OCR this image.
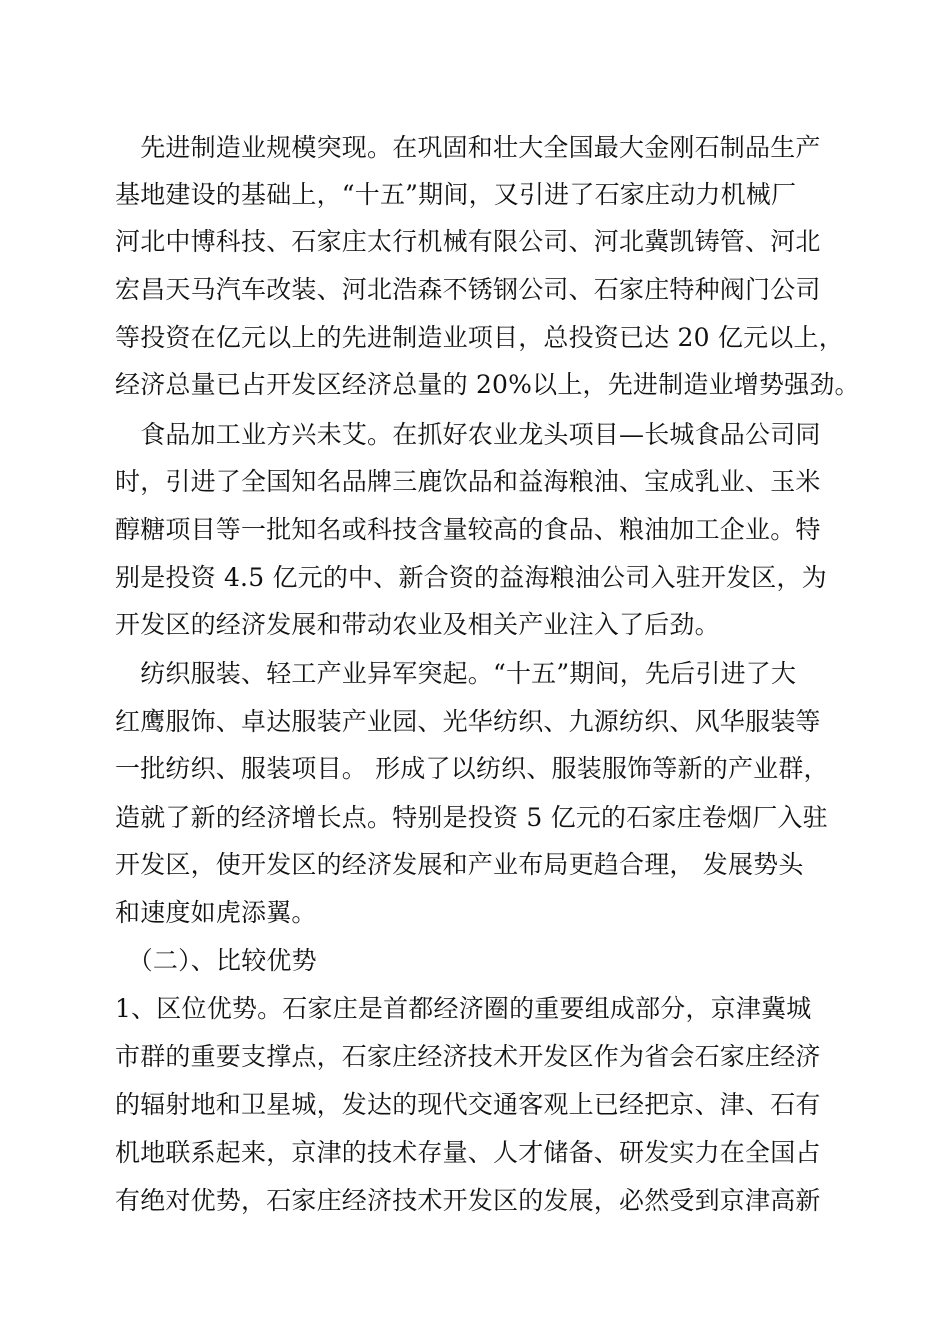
　先进制造业规模突现。在巩固和壮大全国最大金刚石制品生产
基地建设的基础上，“十五”期间，又引进了石家庄动力机械厂
河北中博科技、石家庄太行机械有限公司、河北冀凯铸管、河北
宏昌天马汽车改装、河北浩森不锈钢公司、石家庄特种阀门公司
等投资在亿元以上的先进制造业项目，总投资已达 20 亿元以上，
经济总量已占开发区经济总量的 20%以上，先进制造业增势强劲。
　食品加工业方兴未艾。在抓好农业龙头项目—长城食品公司同
时，引进了全国知名品牌三鹿饮品和益海粮油、宝成乳业、玉米
醇糖项目等一批知名或科技含量较高的食品、粮油加工企业。特
别是投资 4.5 亿元的中、新合资的益海粮油公司入驻开发区，为
开发区的经济发展和带动农业及相关产业注入了后劲。
　纺织服装、轻工产业异军突起。“十五”期间，先后引进了大
红鹰服饰、卓达服装产业园、光华纺织、九源纺织、风华服装等
一批纺织、服装项目。 形成了以纺织、服装服饰等新的产业群，
造就了新的经济增长点。特别是投资 5 亿元的石家庄卷烟厂入驻
开发区，使开发区的经济发展和产业布局更趋合理， 发展势头
和速度如虎添翼。
　（二）、比较优势
1、区位优势。石家庄是首都经济圈的重要组成部分，京津冀城
市群的重要支撑点，石家庄经济技术开发区作为省会石家庄经济
的辐射地和卫星城，发达的现代交通客观上已经把京、津、石有
机地联系起来，京津的技术存量、人才储备、研发实力在全国占
有绝对优势，石家庄经济技术开发区的发展，必然受到京津高新
